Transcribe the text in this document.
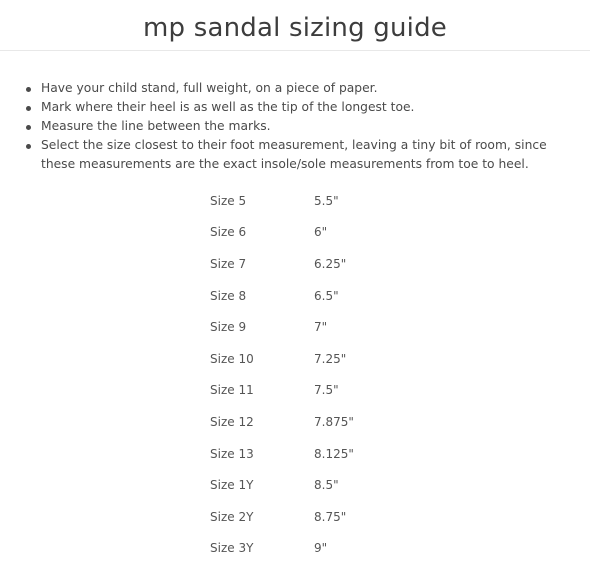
mp sandal sizing guide
Have your child stand, full weight, on a piece of paper.
Mark where their heel is as well as the tip of the longest toe.
Measure the line between the marks.
Select the size closest to their foot measurement, leaving a tiny bit of room, since these measurements are the exact insole/sole measurements from toe to heel.
Size 5	5.5"
Size 6	6"
Size 7	6.25"
Size 8	6.5"
Size 9	7"
Size 10	7.25"
Size 11	7.5"
Size 12	7.875"
Size 13	8.125"
Size 1Y	8.5"
Size 2Y	8.75"
Size 3Y	9"
